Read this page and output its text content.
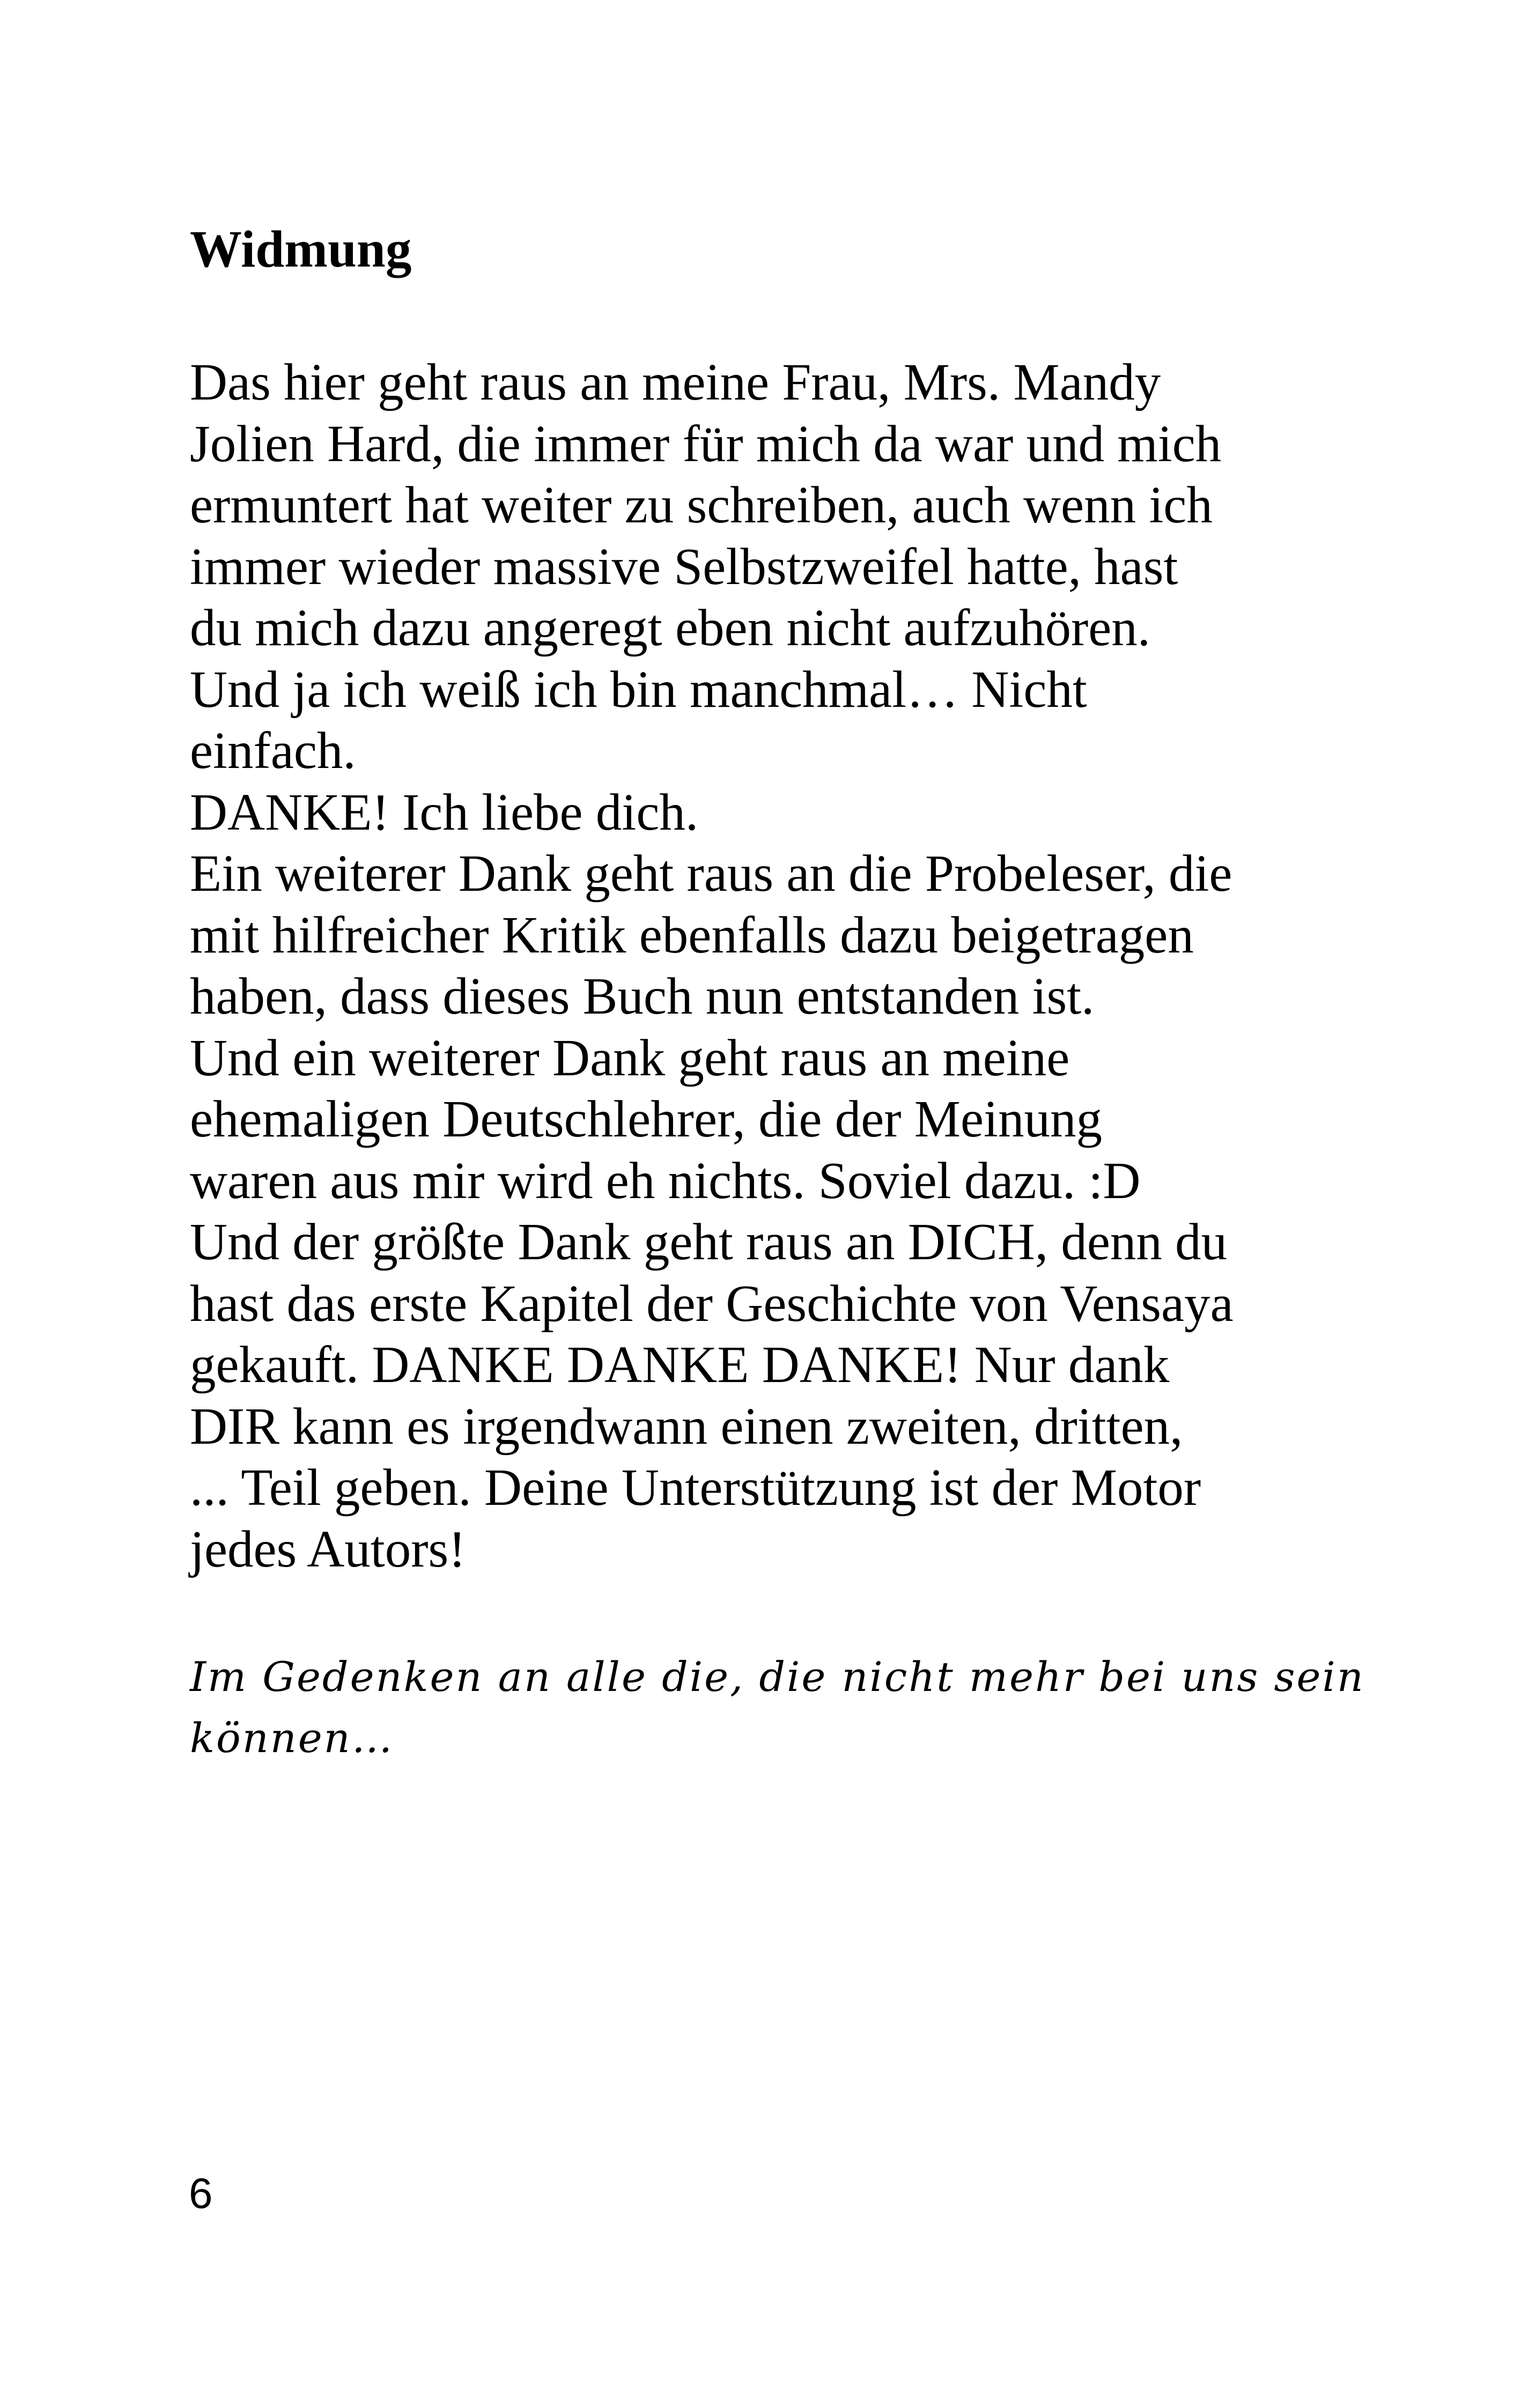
Widmung
Das hier geht raus an meine Frau, Mrs. Mandy
Jolien Hard, die immer für mich da war und mich
ermuntert hat weiter zu schreiben, auch wenn ich
immer wieder massive Selbstzweifel hatte, hast
du mich dazu angeregt eben nicht aufzuhören.
Und ja ich weiß ich bin manchmal… Nicht
einfach.
DANKE! Ich liebe dich.
Ein weiterer Dank geht raus an die Probeleser, die
mit hilfreicher Kritik ebenfalls dazu beigetragen
haben, dass dieses Buch nun entstanden ist.
Und ein weiterer Dank geht raus an meine
ehemaligen Deutschlehrer, die der Meinung
waren aus mir wird eh nichts. Soviel dazu. :D
Und der größte Dank geht raus an DICH, denn du
hast das erste Kapitel der Geschichte von Vensaya
gekauft. DANKE DANKE DANKE! Nur dank
DIR kann es irgendwann einen zweiten, dritten,
... Teil geben. Deine Unterstützung ist der Motor
jedes Autors!
Im Gedenken an alle die, die nicht mehr bei uns sein
können…
6
